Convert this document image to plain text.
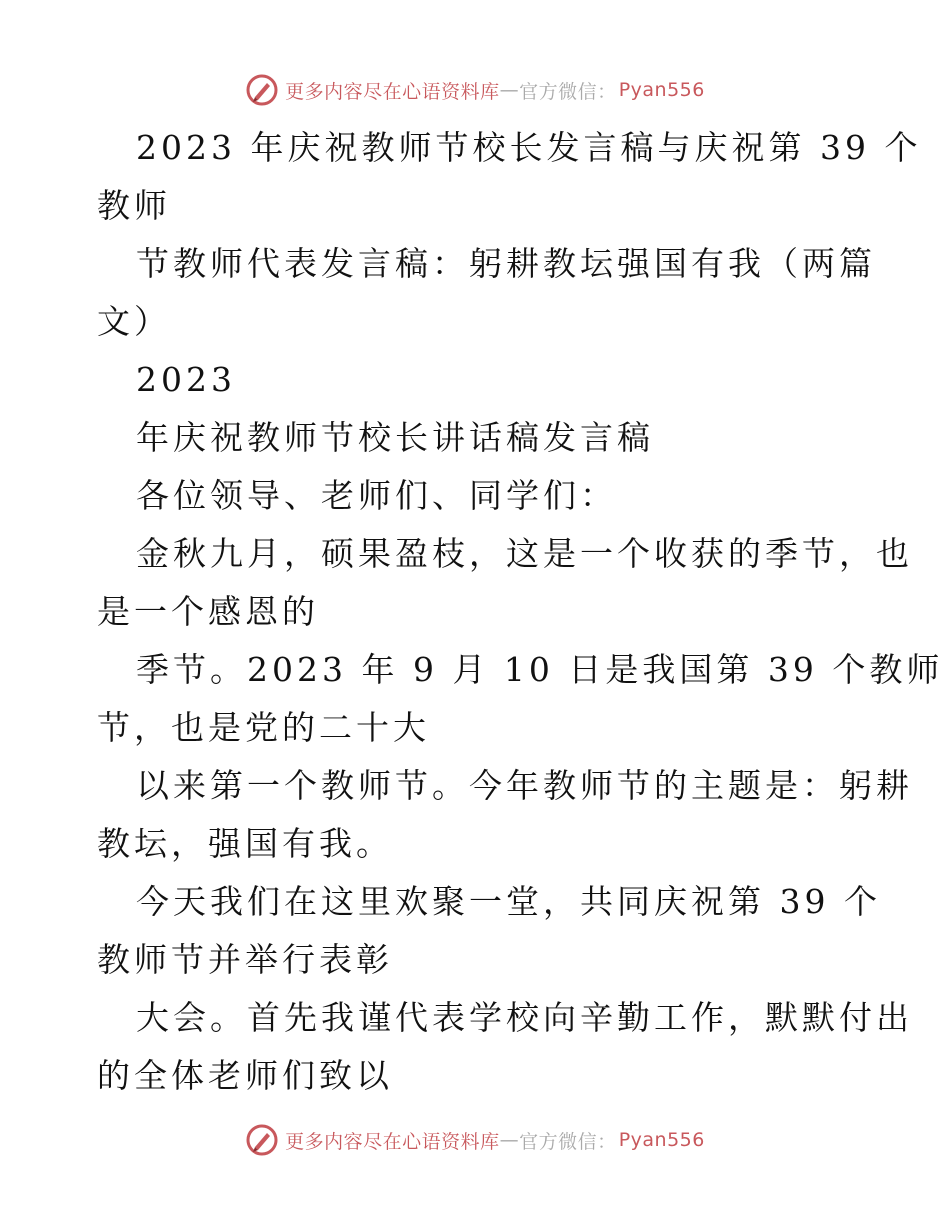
更多内容尽在心语资料库 — 官方微信： Pyan556
2023 年庆祝教师节校长发言稿与庆祝第 39 个
教师
节教师代表发言稿：躬耕教坛强国有我（两篇
文）
2023
年庆祝教师节校长讲话稿发言稿
各位领导、老师们、同学们：
金秋九月，硕果盈枝，这是一个收获的季节，也
是一个感恩的
季节。2023 年 9 月 10 日是我国第 39 个教师
节，也是党的二十大
以来第一个教师节。今年教师节的主题是：躬耕
教坛，强国有我。
今天我们在这里欢聚一堂，共同庆祝第 39 个
教师节并举行表彰
大会。首先我谨代表学校向辛勤工作，默默付出
的全体老师们致以
更多内容尽在心语资料库 — 官方微信： Pyan556
